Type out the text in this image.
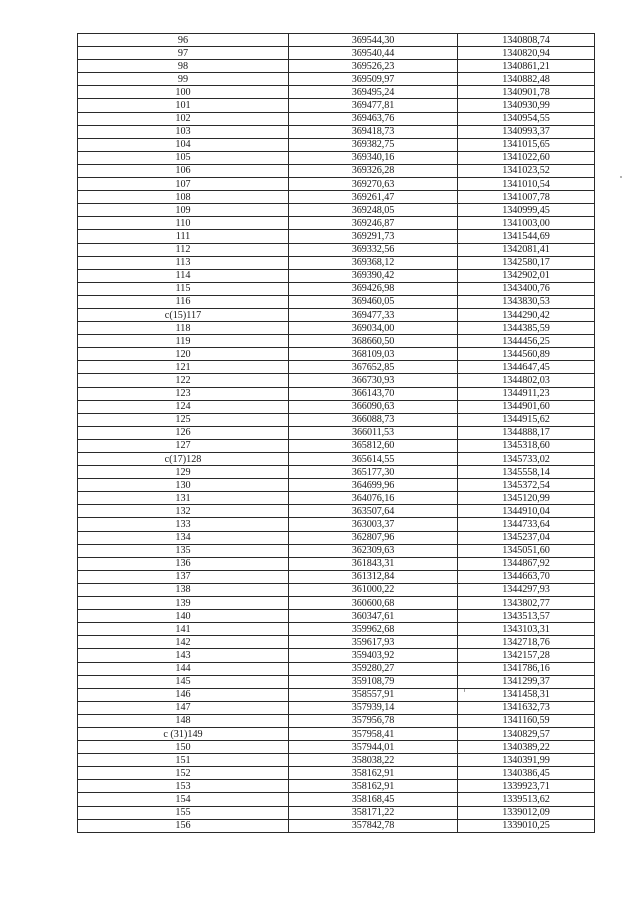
96	369544,30	1340808,74
97	369540,44	1340820,94
98	369526,23	1340861,21
99	369509,97	1340882,48
100	369495,24	1340901,78
101	369477,81	1340930,99
102	369463,76	1340954,55
103	369418,73	1340993,37
104	369382,75	1341015,65
105	369340,16	1341022,60
106	369326,28	1341023,52
107	369270,63	1341010,54
108	369261,47	1341007,78
109	369248,05	1340999,45
110	369246,87	1341003,00
111	369291,73	1341544,69
112	369332,56	1342081,41
113	369368,12	1342580,17
114	369390,42	1342902,01
115	369426,98	1343400,76
116	369460,05	1343830,53
с(15)117	369477,33	1344290,42
118	369034,00	1344385,59
119	368660,50	1344456,25
120	368109,03	1344560,89
121	367652,85	1344647,45
122	366730,93	1344802,03
123	366143,70	1344911,23
124	366090,63	1344901,60
125	366088,73	1344915,62
126	366011,53	1344888,17
127	365812,60	1345318,60
с(17)128	365614,55	1345733,02
129	365177,30	1345558,14
130	364699,96	1345372,54
131	364076,16	1345120,99
132	363507,64	1344910,04
133	363003,37	1344733,64
134	362807,96	1345237,04
135	362309,63	1345051,60
136	361843,31	1344867,92
137	361312,84	1344663,70
138	361000,22	1344297,93
139	360600,68	1343802,77
140	360347,61	1343513,57
141	359962,68	1343103,31
142	359617,93	1342718,76
143	359403,92	1342157,28
144	359280,27	1341786,16
145	359108,79	1341299,37
146	358557,91	1341458,31
147	357939,14	1341632,73
148	357956,78	1341160,59
с (31)149	357958,41	1340829,57
150	357944,01	1340389,22
151	358038,22	1340391,99
152	358162,91	1340386,45
153	358162,91	1339923,71
154	358168,45	1339513,62
155	358171,22	1339012,09
156	357842,78	1339010,25
